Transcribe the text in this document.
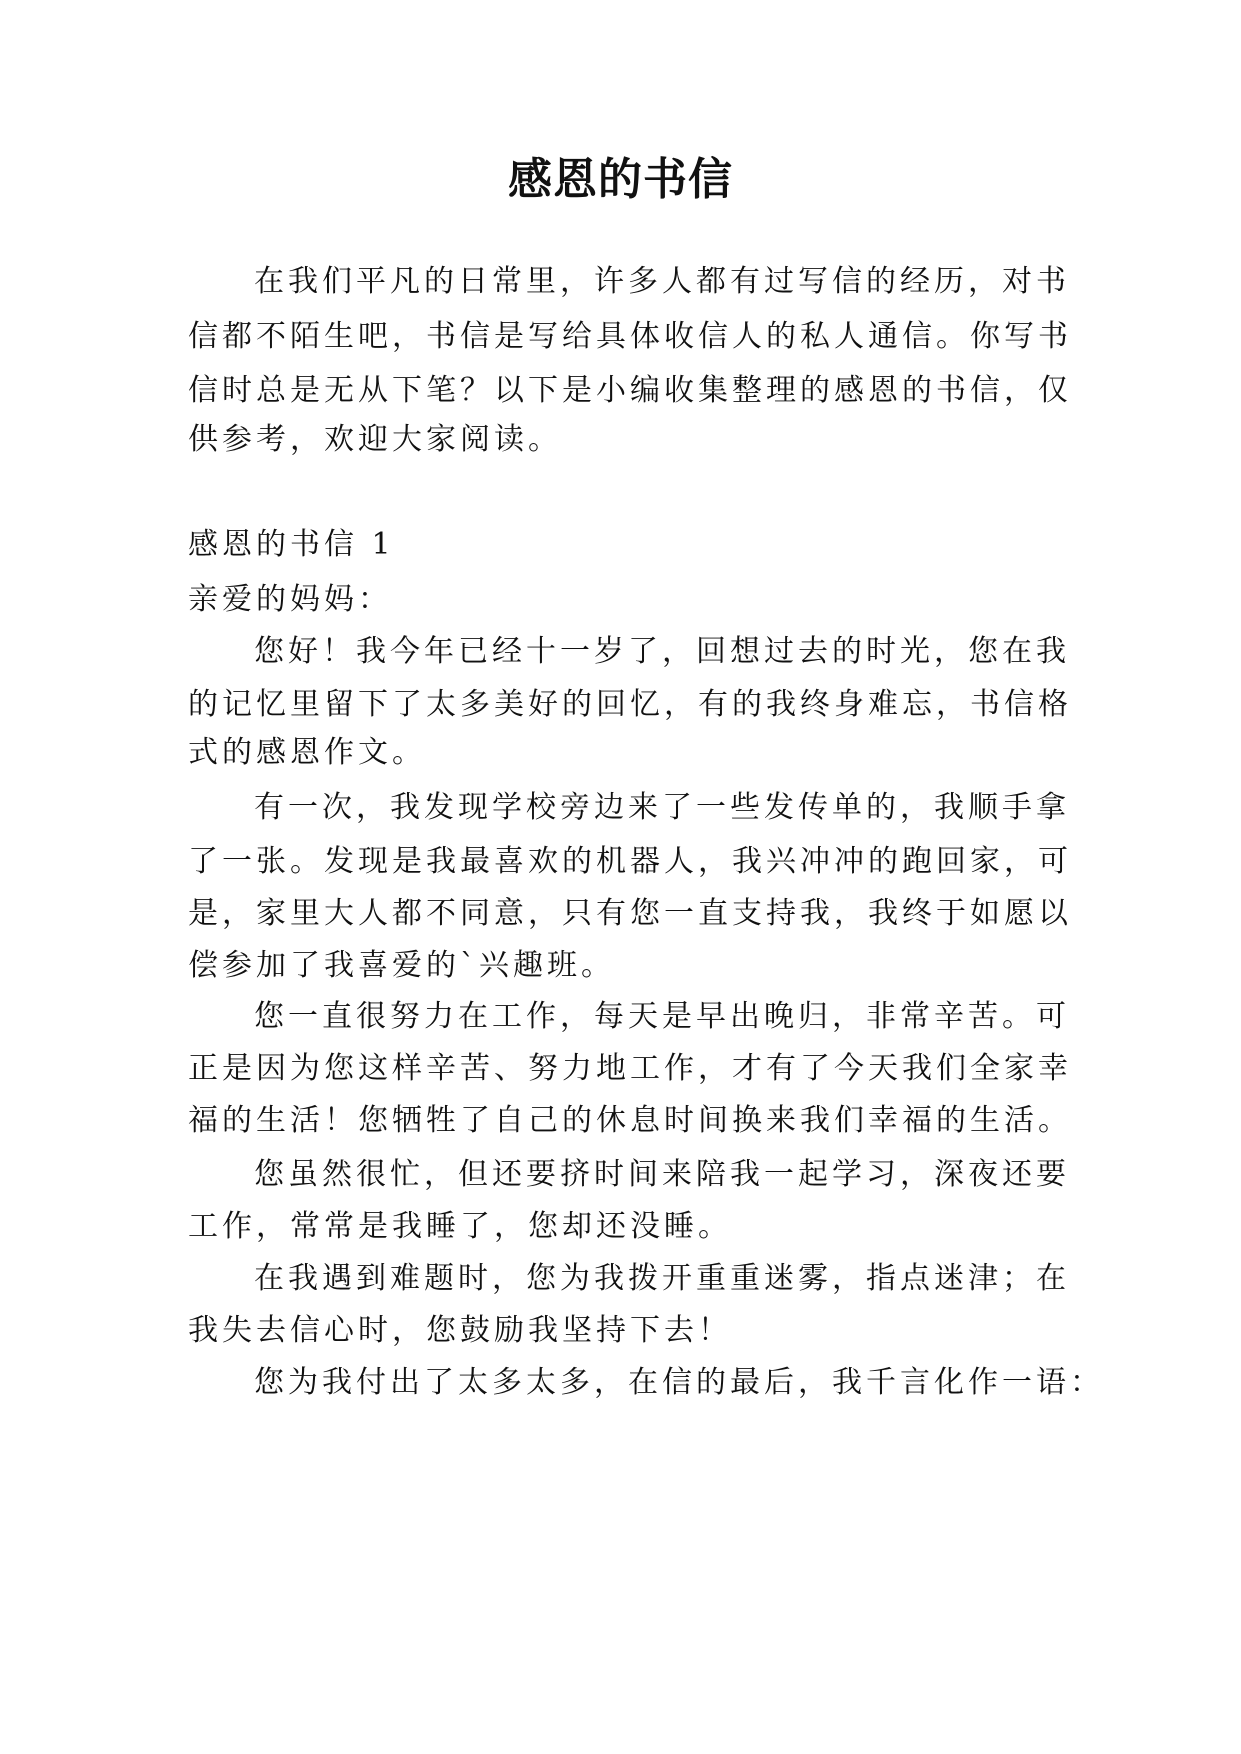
感恩的书信
在我们平凡的日常里，许多人都有过写信的经历，对书
信都不陌生吧，书信是写给具体收信人的私人通信。你写书
信时总是无从下笔？以下是小编收集整理的感恩的书信，仅
供参考，欢迎大家阅读。
感恩的书信 1
亲爱的妈妈：
您好！我今年已经十一岁了，回想过去的时光，您在我
的记忆里留下了太多美好的回忆，有的我终身难忘，书信格
式的感恩作文。
有一次，我发现学校旁边来了一些发传单的，我顺手拿
了一张。发现是我最喜欢的机器人，我兴冲冲的跑回家，可
是，家里大人都不同意，只有您一直支持我，我终于如愿以
偿参加了我喜爱的`兴趣班。
您一直很努力在工作，每天是早出晚归，非常辛苦。可
正是因为您这样辛苦、努力地工作，才有了今天我们全家幸
福的生活！您牺牲了自己的休息时间换来我们幸福的生活。
您虽然很忙，但还要挤时间来陪我一起学习，深夜还要
工作，常常是我睡了，您却还没睡。
在我遇到难题时，您为我拨开重重迷雾，指点迷津；在
我失去信心时，您鼓励我坚持下去！
您为我付出了太多太多，在信的最后，我千言化作一语：
